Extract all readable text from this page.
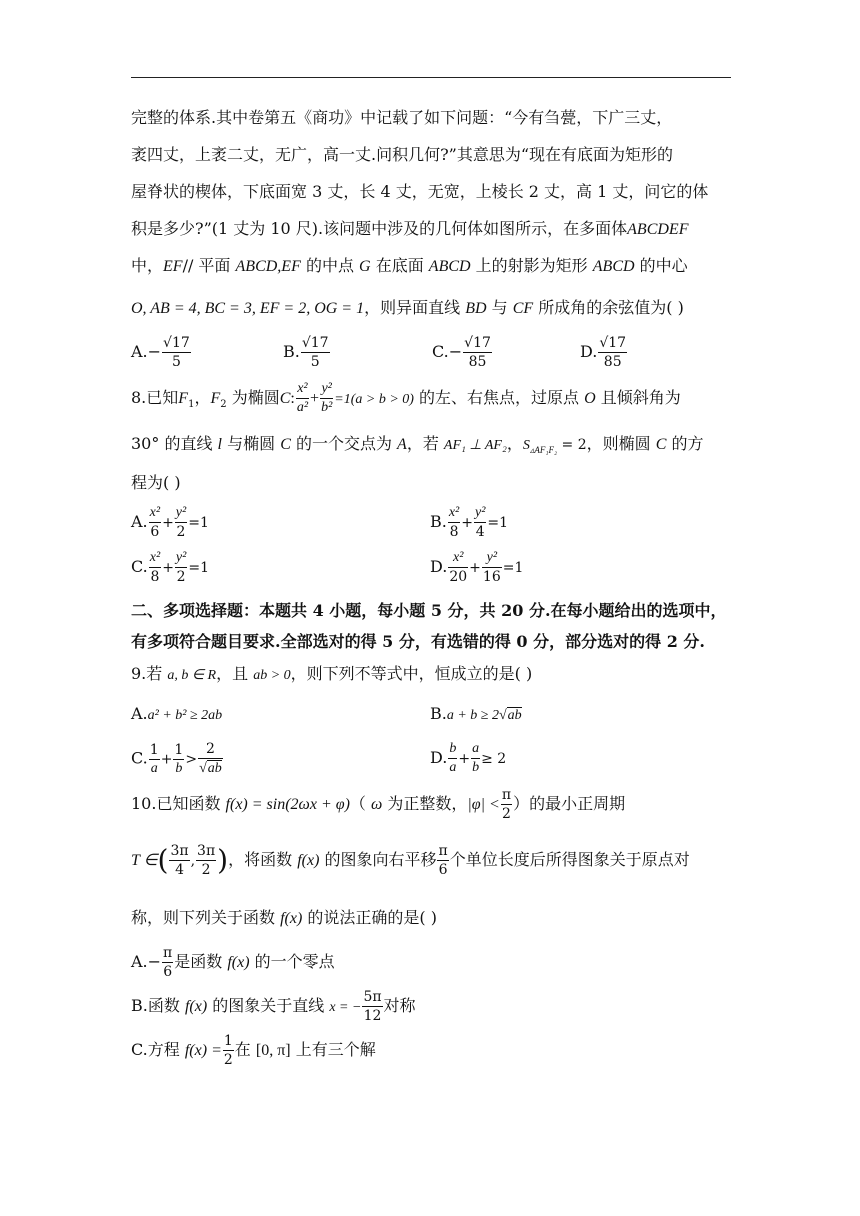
完整的体系.其中卷第五《商功》中记载了如下问题：“今有刍甍，下广三丈，
袤四丈，上袤二丈，无广，高一丈.问积几何?”其意思为“现在有底面为矩形的
屋脊状的楔体，下底面宽 3 丈，长 4 丈，无宽，上棱长 2 丈，高 1 丈，问它的体
积是多少?”(1 丈为 10 尺).该问题中涉及的几何体如图所示，在多面体ABCDEF
中，EF// 平面 ABCD,EF 的中点 G 在底面 ABCD 上的射影为矩形 ABCD 的中心
O, AB = 4, BC = 3, EF = 2, OG = 1，则异面直线 BD 与 CF 所成角的余弦值为( )
$A.- \frac{√17}{5}$	B. $\frac{√17}{5}$	$C.- \frac{√17}{85}$	D. $\frac{√17}{85}$
8.已知$F_1$，$F_2$ 为椭圆C: $\frac{\text{x²}}{\text{a²}} + \frac{\text{y²}}{\text{b²}} =1(a > b > 0)$ 的左、右焦点，过原点 O 且倾斜角为
30° 的直线 l 与椭圆 C 的一个交点为 A，若 AF₁ ⊥ AF₂，$S_{▵AF_1F_2} = 2$，则椭圆 C 的方
程为( )
A. $\frac{\text{x²}}{6} + \frac{\text{y²}}{2} =1$	B. $\frac{\text{x²}}{8} + \frac{\text{y²}}{4} =1$
C. $\frac{\text{x²}}{8} + \frac{\text{y²}}{2} =1$	D. $\frac{\text{x²}}{20} + \frac{\text{y²}}{16} =1$
二、多项选择题：本题共 4 小题，每小题 5 分，共 20 分.在每小题给出的选项中，
有多项符合题目要求.全部选对的得 5 分，有选错的得 0 分，部分选对的得 2 分.
9.若 a, b ∈ R，且 ab > 0，则下列不等式中，恒成立的是( )
A.a² + b² ≥ 2ab	B.a + b ≥ 2√ab
C. $\frac{1}{a} + \frac{1}{b} > \frac{2}{√ab}$	D. $\frac{b}{a} + \frac{a}{b} \ge 2$
10.已知函数 f(x) = sin(2ωx + φ)（ ω 为正整数，$|\varphi| < \frac{\pi}{2}$ ）的最小正周期
T ∈( $\frac{3\pi}{4}$ , $\frac{3\pi}{2}$ )，将函数 f(x) 的图象向右平移 $\frac{\pi}{6}$ 个单位长度后所得图象关于原点对
称，则下列关于函数 f(x) 的说法正确的是( )
$A.- \frac{\pi}{6}$ 是函数 f(x) 的一个零点
B.函数 f(x) 的图象关于直线 x = − $\frac{5\pi}{12}$ 对称
C.方程 $f(x) = \frac{1}{2}$ 在 [0, π] 上有三个解
